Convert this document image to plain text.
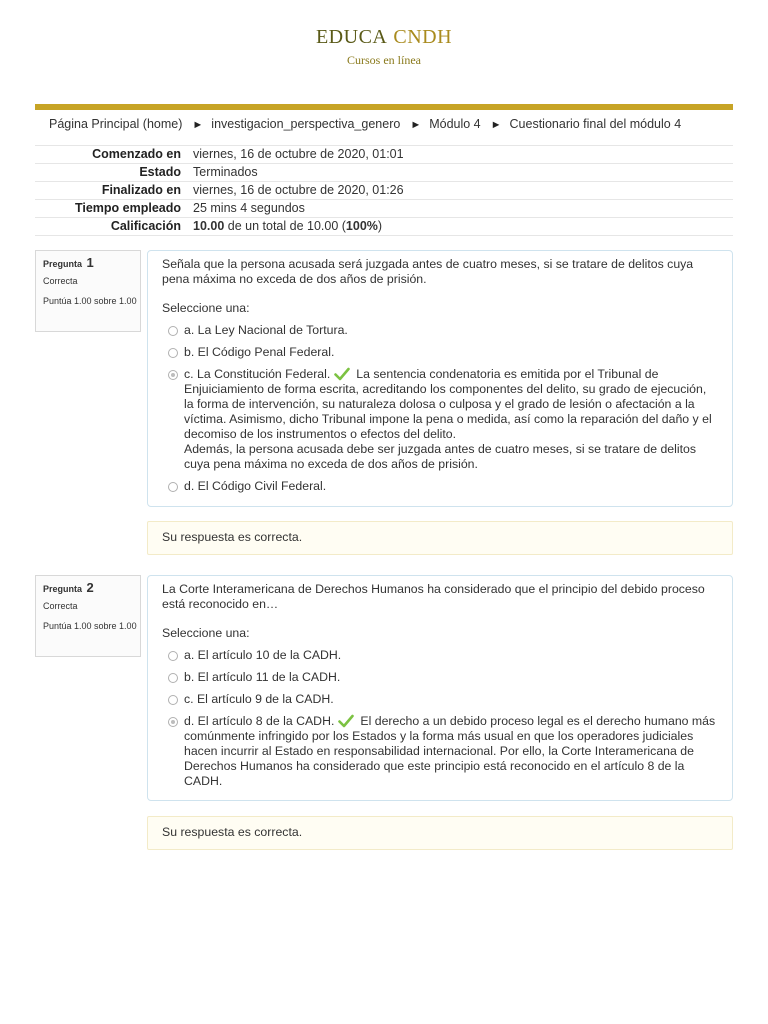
EDUCA CNDH
Cursos en línea
Página Principal (home) ► investigacion_perspectiva_genero ► Módulo 4 ► Cuestionario final del módulo 4
Comenzado en	viernes, 16 de octubre de 2020, 01:01
Estado	Terminados
Finalizado en	viernes, 16 de octubre de 2020, 01:26
Tiempo empleado	25 mins 4 segundos
Calificación	10.00 de un total de 10.00 (100%)
Pregunta 1
Correcta
Puntúa 1.00 sobre 1.00
Señala que la persona acusada será juzgada antes de cuatro meses, si se tratare de delitos cuya pena máxima no exceda de dos años de prisión.
Seleccione una:
a. La Ley Nacional de Tortura.
b. El Código Penal Federal.
c. La Constitución Federal. La sentencia condenatoria es emitida por el Tribunal de Enjuiciamiento de forma escrita, acreditando los componentes del delito, su grado de ejecución, la forma de intervención, su naturaleza dolosa o culposa y el grado de lesión o afectación a la víctima. Asimismo, dicho Tribunal impone la pena o medida, así como la reparación del daño y el decomiso de los instrumentos o efectos del delito.
Además, la persona acusada debe ser juzgada antes de cuatro meses, si se tratare de delitos cuya pena máxima no exceda de dos años de prisión.
d. El Código Civil Federal.
Su respuesta es correcta.
Pregunta 2
Correcta
Puntúa 1.00 sobre 1.00
La Corte Interamericana de Derechos Humanos ha considerado que el principio del debido proceso está reconocido en…
Seleccione una:
a. El artículo 10 de la CADH.
b. El artículo 11 de la CADH.
c. El artículo 9 de la CADH.
d. El artículo 8 de la CADH. El derecho a un debido proceso legal es el derecho humano más comúnmente infringido por los Estados y la forma más usual en que los operadores judiciales hacen incurrir al Estado en responsabilidad internacional. Por ello, la Corte Interamericana de Derechos Humanos ha considerado que este principio está reconocido en el artículo 8 de la CADH.
Su respuesta es correcta.
